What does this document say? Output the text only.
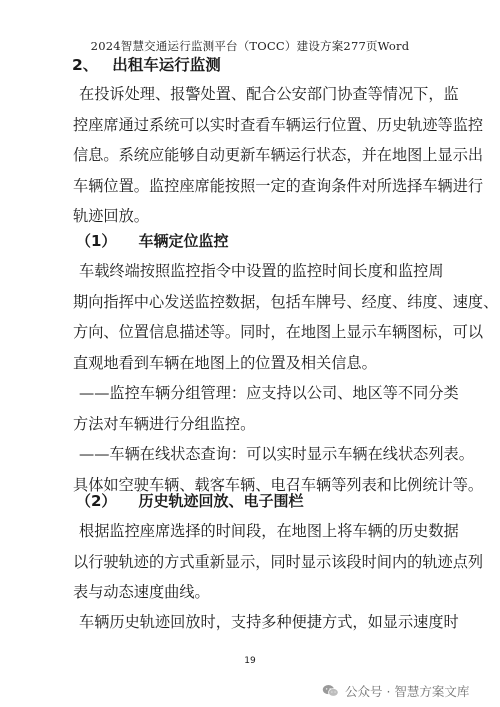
2024智慧交通运行监测平台（TOCC）建设方案277页Word
2、 出租车运行监测
在投诉处理、报警处置、配合公安部门协查等情况下，监
控座席通过系统可以实时查看车辆运行位置、历史轨迹等监控
信息。系统应能够自动更新车辆运行状态，并在地图上显示出
车辆位置。监控座席能按照一定的查询条件对所选择车辆进行
轨迹回放。
（1） 车辆定位监控
车载终端按照监控指令中设置的监控时间长度和监控周
期向指挥中心发送监控数据，包括车牌号、经度、纬度、速度、
方向、位置信息描述等。同时，在地图上显示车辆图标，可以
直观地看到车辆在地图上的位置及相关信息。
——监控车辆分组管理：应支持以公司、地区等不同分类
方法对车辆进行分组监控。
——车辆在线状态查询：可以实时显示车辆在线状态列表。
具体如空驶车辆、载客车辆、电召车辆等列表和比例统计等。
（2） 历史轨迹回放、电子围栏
根据监控座席选择的时间段，在地图上将车辆的历史数据
以行驶轨迹的方式重新显示，同时显示该段时间内的轨迹点列
表与动态速度曲线。
车辆历史轨迹回放时，支持多种便捷方式，如显示速度时
19
公众号 · 智慧方案文库
